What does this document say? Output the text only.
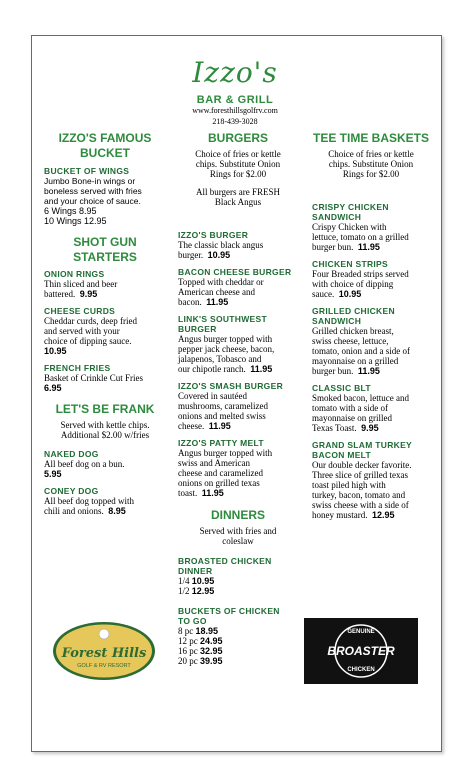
Izzo's
BAR & GRILL
www.foresthillsgolfrv.com
218-439-3028
IZZO'S FAMOUS
BUCKET
BUCKET OF WINGS
Jumbo Bone-in wings or
boneless served with fries
and your choice of sauce.
6 Wings 8.95
10 Wings 12.95
SHOT GUN
STARTERS
ONION RINGS
Thin sliced and beer
battered. 9.95
CHEESE CURDS
Cheddar curds, deep fried
and served with your
choice of dipping sauce.
10.95
FRENCH FRIES
Basket of Crinkle Cut Fries
6.95
LET'S BE FRANK
Served with kettle chips.
Additional $2.00 w/fries
NAKED DOG
All beef dog on a bun.
5.95
CONEY DOG
All beef dog topped with
chili and onions. 8.95
BURGERS
Choice of fries or kettle
chips. Substitute Onion
Rings for $2.00
All burgers are FRESH
Black Angus
IZZO'S BURGER
The classic black angus
burger. 10.95
BACON CHEESE BURGER
Topped with cheddar or
American cheese and
bacon. 11.95
LINK'S SOUTHWEST
BURGER
Angus burger topped with
pepper jack cheese, bacon,
jalapenos, Tobasco and
our chipotle ranch. 11.95
IZZO'S SMASH BURGER
Covered in sautéed
mushrooms, caramelized
onions and melted swiss
cheese. 11.95
IZZO'S PATTY MELT
Angus burger topped with
swiss and American
cheese and caramelized
onions on grilled texas
toast. 11.95
DINNERS
Served with fries and
coleslaw
BROASTED CHICKEN
DINNER
1/4 10.95
1/2 12.95
BUCKETS OF CHICKEN
TO GO
8 pc 18.95
12 pc 24.95
16 pc 32.95
20 pc 39.95
TEE TIME BASKETS
Choice of fries or kettle
chips. Substitute Onion
Rings for $2.00
CRISPY CHICKEN
SANDWICH
Crispy Chicken with
lettuce, tomato on a grilled
burger bun. 11.95
CHICKEN STRIPS
Four Breaded strips served
with choice of dipping
sauce. 10.95
GRILLED CHICKEN
SANDWICH
Grilled chicken breast,
swiss cheese, lettuce,
tomato, onion and a side of
mayonnaise on a grilled
burger bun. 11.95
CLASSIC BLT
Smoked bacon, lettuce and
tomato with a side of
mayonnaise on grilled
Texas Toast. 9.95
GRAND SLAM TURKEY
BACON MELT
Our double decker favorite.
Three slice of grilled texas
toast piled high with
turkey, bacon, tomato and
swiss cheese with a side of honey mustard. 12.95
Forest Hills
GOLF & RV RESORT
GENUINE
BROASTER
CHICKEN
